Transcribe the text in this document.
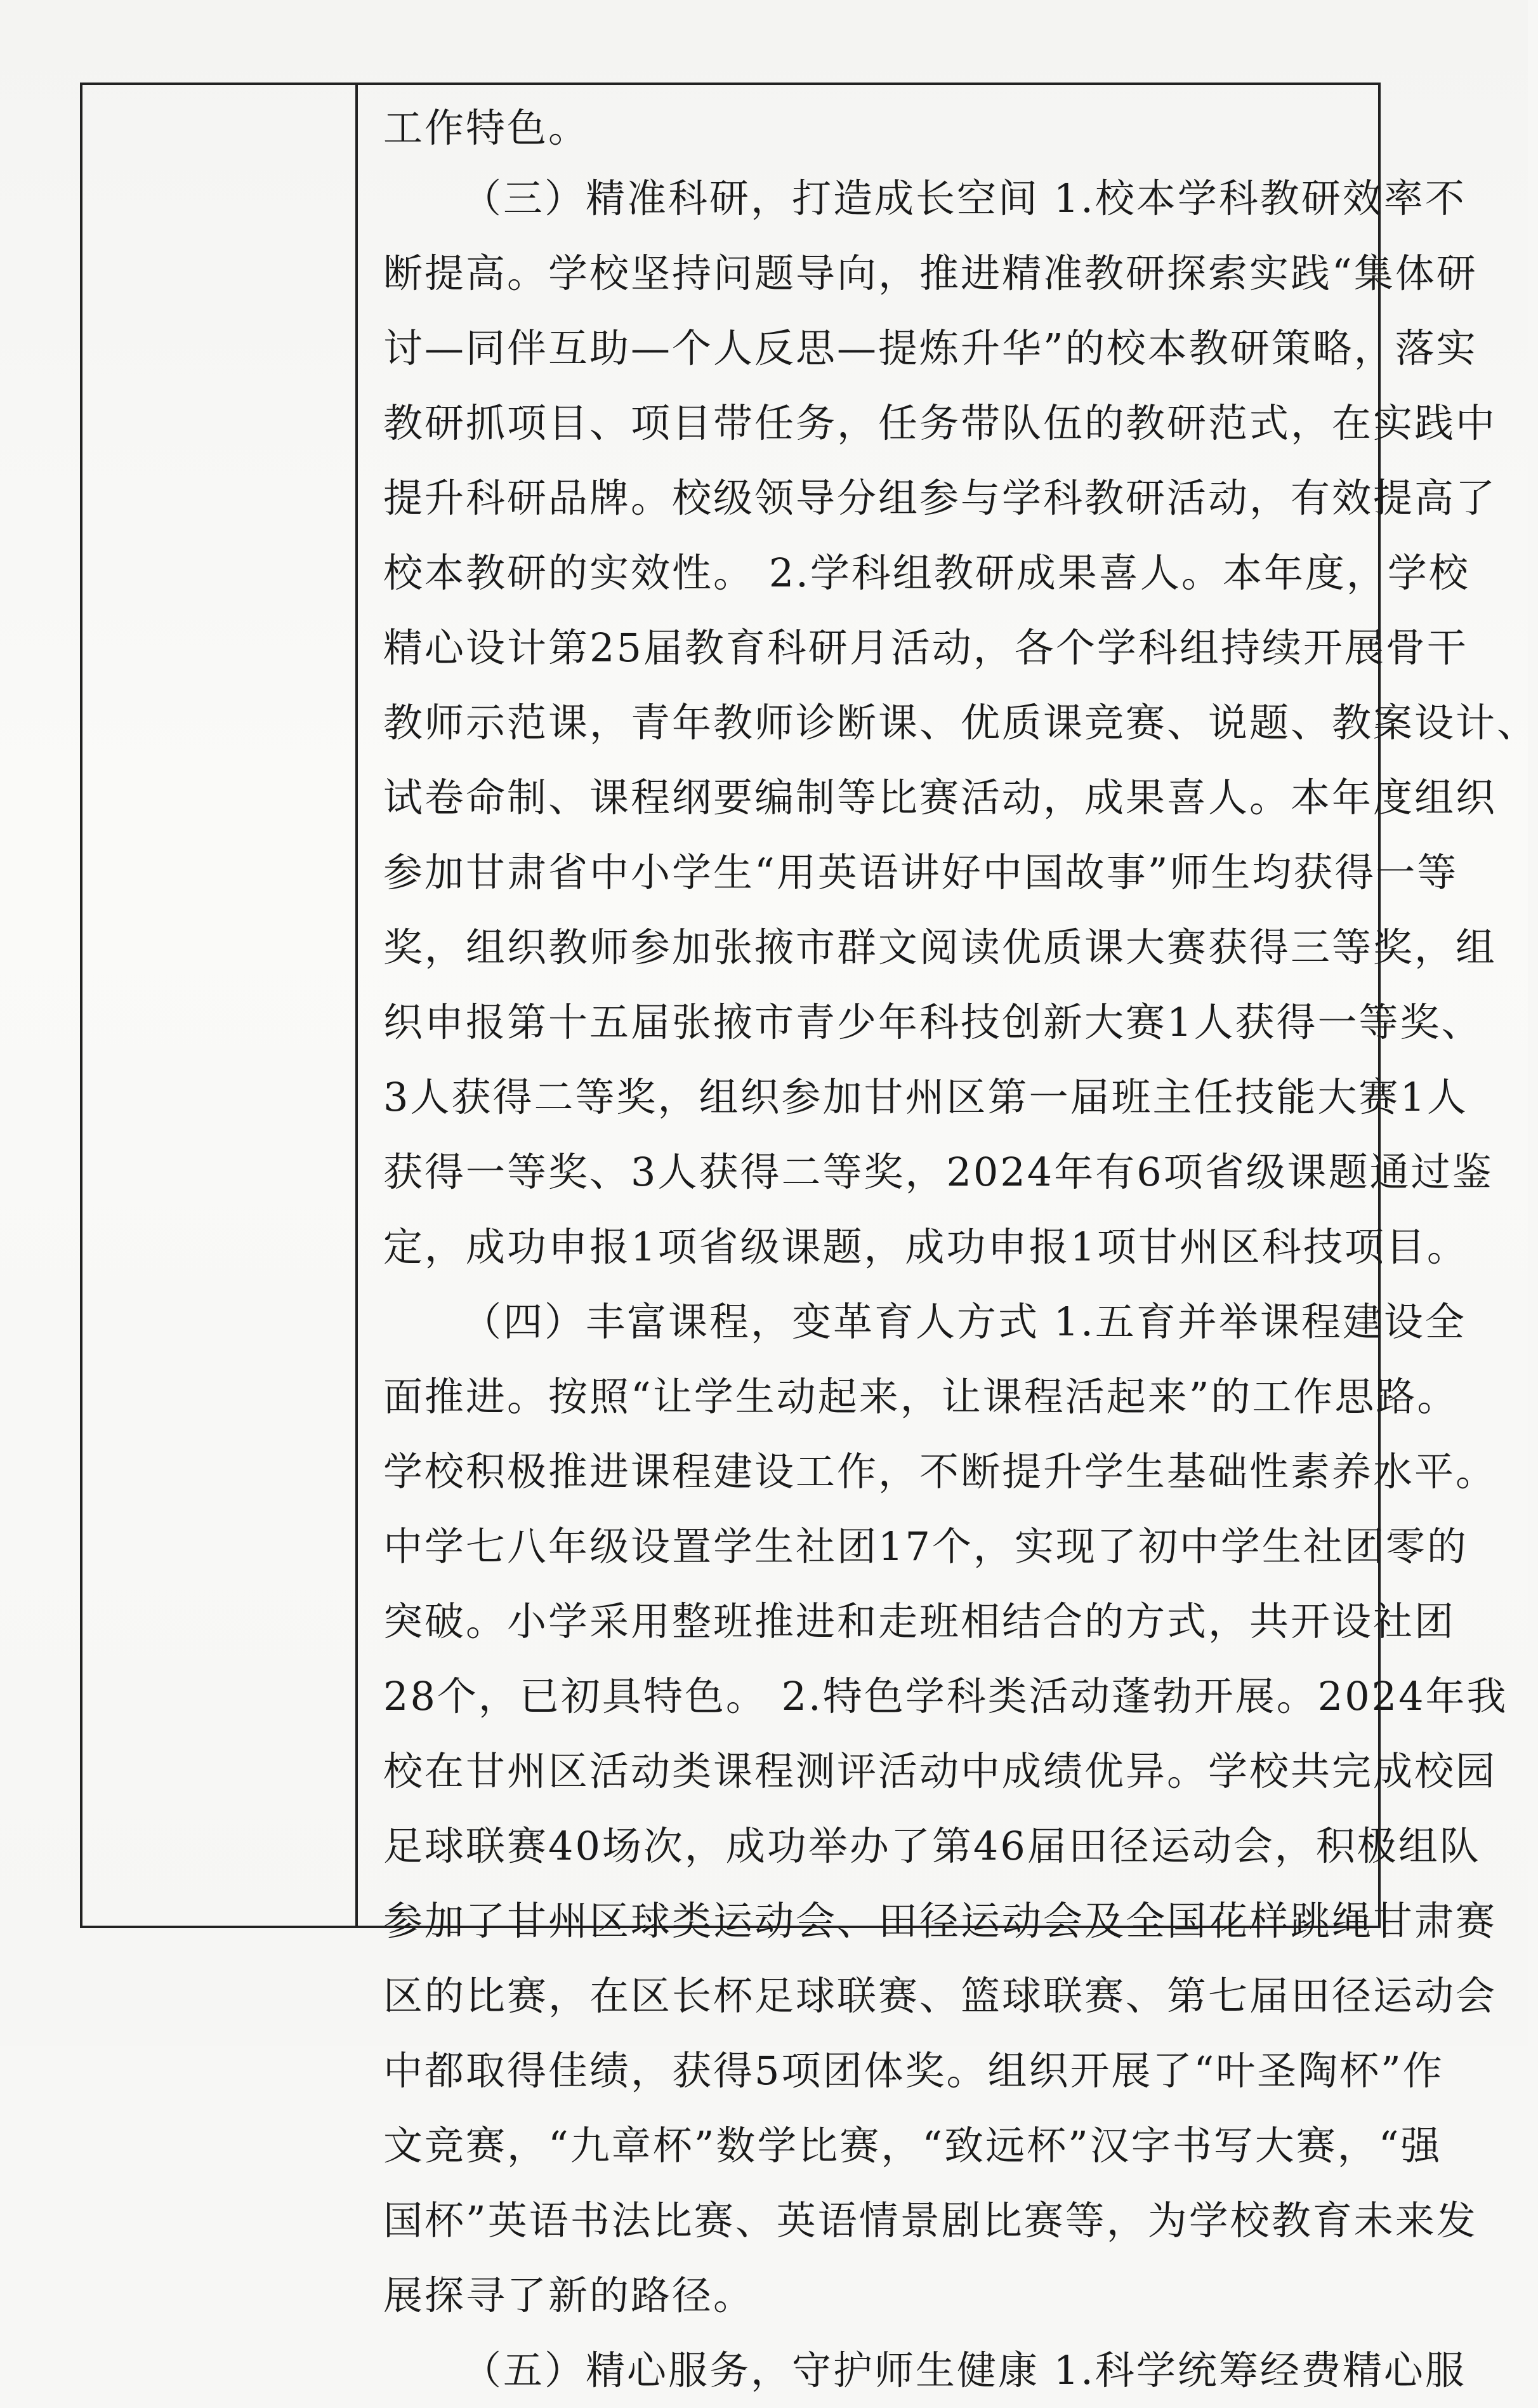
工作特色。
（三）精准科研，打造成长空间 1.校本学科教研效率不
断提高。学校坚持问题导向，推进精准教研探索实践“集体研
讨—同伴互助—个人反思—提炼升华”的校本教研策略，落实
教研抓项目、项目带任务，任务带队伍的教研范式，在实践中
提升科研品牌。校级领导分组参与学科教研活动，有效提高了
校本教研的实效性。 2.学科组教研成果喜人。本年度，学校
精心设计第25届教育科研月活动，各个学科组持续开展骨干
教师示范课，青年教师诊断课、优质课竞赛、说题、教案设计、
试卷命制、课程纲要编制等比赛活动，成果喜人。本年度组织
参加甘肃省中小学生“用英语讲好中国故事”师生均获得一等
奖，组织教师参加张掖市群文阅读优质课大赛获得三等奖，组
织申报第十五届张掖市青少年科技创新大赛1人获得一等奖、
3人获得二等奖，组织参加甘州区第一届班主任技能大赛1人
获得一等奖、3人获得二等奖，2024年有6项省级课题通过鉴
定，成功申报1项省级课题，成功申报1项甘州区科技项目。
（四）丰富课程，变革育人方式 1.五育并举课程建设全
面推进。按照“让学生动起来，让课程活起来”的工作思路。
学校积极推进课程建设工作，不断提升学生基础性素养水平。
中学七八年级设置学生社团17个，实现了初中学生社团零的
突破。小学采用整班推进和走班相结合的方式，共开设社团
28个，已初具特色。 2.特色学科类活动蓬勃开展。2024年我
校在甘州区活动类课程测评活动中成绩优异。学校共完成校园
足球联赛40场次，成功举办了第46届田径运动会，积极组队
参加了甘州区球类运动会、田径运动会及全国花样跳绳甘肃赛
区的比赛，在区长杯足球联赛、篮球联赛、第七届田径运动会
中都取得佳绩，获得5项团体奖。组织开展了“叶圣陶杯”作
文竞赛，“九章杯”数学比赛，“致远杯”汉字书写大赛，“强
国杯”英语书法比赛、英语情景剧比赛等，为学校教育未来发
展探寻了新的路径。
（五）精心服务，守护师生健康 1.科学统筹经费精心服
